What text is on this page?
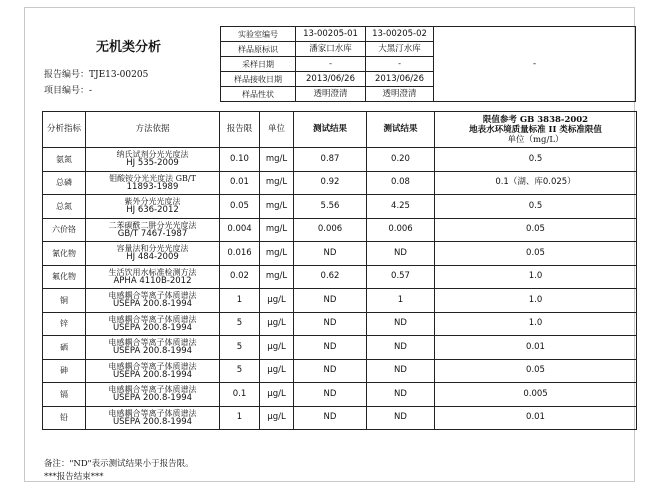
无机类分析
报告编号：TJE13-00205
项目编号：-
实验室编号	13-00205-01	13-00205-02	-
样品原标识	潘家口水库	大黑汀水库	
采样日期	-	-	
样品接收日期	2013/06/26	2013/06/26	
样品性状	透明澄清	透明澄清	
分析指标	方法依据	报告限	单位	测试结果	测试结果	限值参考 GB 3838-2002
地表水环境质量标准 II 类标准限值
单位（mg/L）

氨氮	纳氏试剂分光光度法
HJ 535-2009	0.10	mg/L	0.87	0.20	0.5
总磷	钼酸铵分光光度法 GB/T
11893-1989	0.01	mg/L	0.92	0.08	0.1（湖、库0.025）
总氮	紫外分光光度法
HJ 636-2012	0.05	mg/L	5.56	4.25	0.5
六价铬	二苯碳酰二肼分光光度法
GB/T 7467-1987	0.004	mg/L	0.006	0.006	0.05
氰化物	容量法和分光光度法
HJ 484-2009	0.016	mg/L	ND	ND	0.05
氟化物	生活饮用水标准检测方法
APHA 4110B-2012	0.02	mg/L	0.62	0.57	1.0
铜	电感耦合等离子体质谱法
USEPA 200.8-1994	1	μg/L	ND	1	1.0
锌	电感耦合等离子体质谱法
USEPA 200.8-1994	5	μg/L	ND	ND	1.0
硒	电感耦合等离子体质谱法
USEPA 200.8-1994	5	μg/L	ND	ND	0.01
砷	电感耦合等离子体质谱法
USEPA 200.8-1994	5	μg/L	ND	ND	0.05
镉	电感耦合等离子体质谱法
USEPA 200.8-1994	0.1	μg/L	ND	ND	0.005
铅	电感耦合等离子体质谱法
USEPA 200.8-1994	1	μg/L	ND	ND	0.01
备注："ND"表示测试结果小于报告限。
***报告结束***
